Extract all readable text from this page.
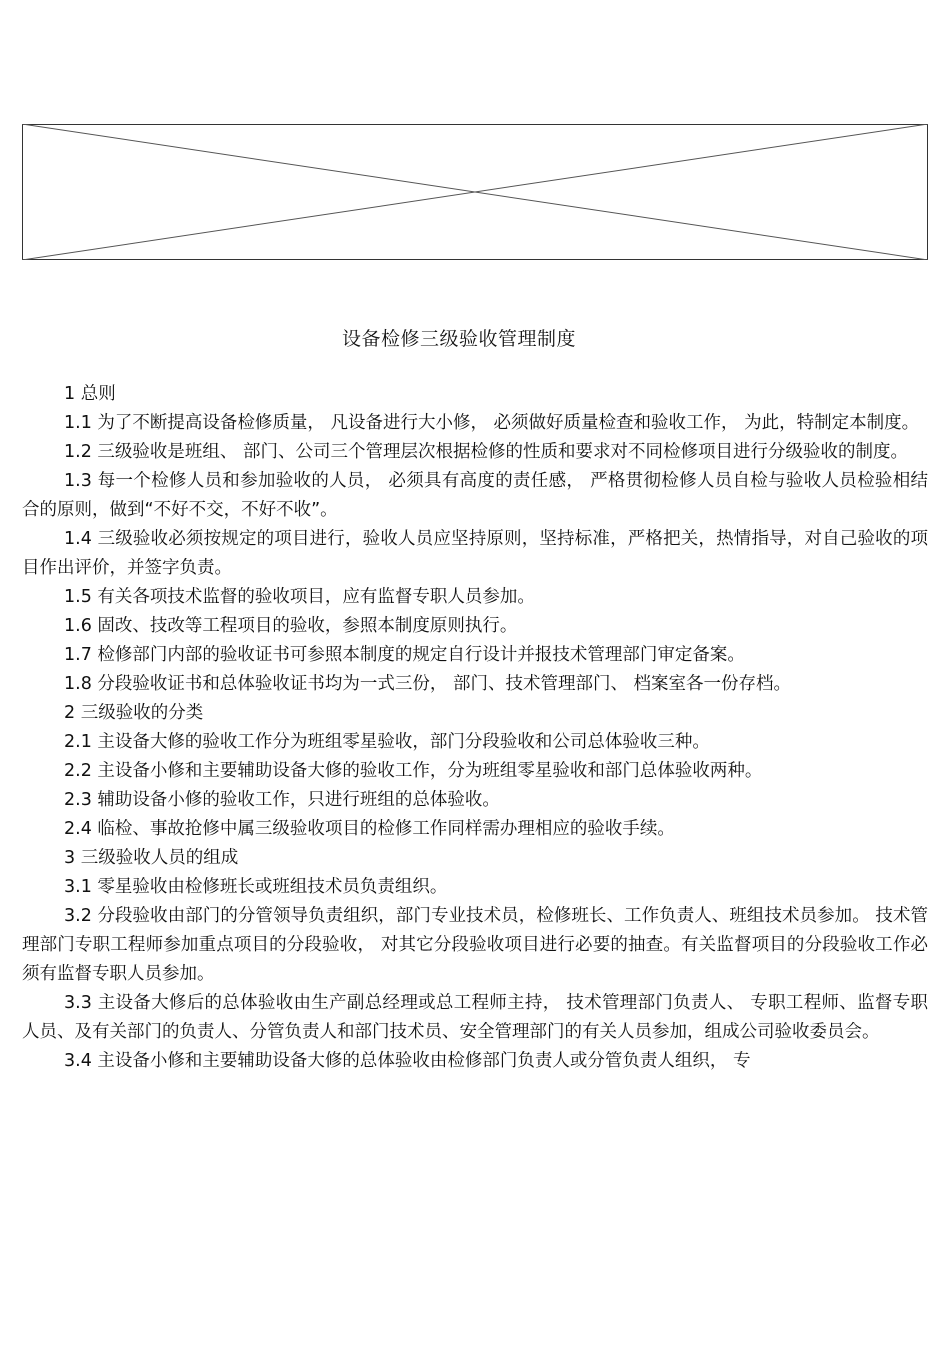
设备检修三级验收管理制度

1 总则

1.1 为了不断提高设备检修质量， 凡设备进行大小修， 必须做好质量检查和验收工作， 为此，特制定本制度。

1.2 三级验收是班组、 部门、公司三个管理层次根据检修的性质和要求对不同检修项目进行分级验收的制度。

1.3 每一个检修人员和参加验收的人员， 必须具有高度的责任感， 严格贯彻检修人员自检与验收人员检验相结合的原则，做到“不好不交，不好不收”。

1.4 三级验收必须按规定的项目进行，验收人员应坚持原则，坚持标准，严格把关，热情指导，对自己验收的项目作出评价，并签字负责。

1.5 有关各项技术监督的验收项目，应有监督专职人员参加。

1.6 固改、技改等工程项目的验收，参照本制度原则执行。

1.7 检修部门内部的验收证书可参照本制度的规定自行设计并报技术管理部门审定备案。

1.8 分段验收证书和总体验收证书均为一式三份， 部门、技术管理部门、 档案室各一份存档。

2 三级验收的分类

2.1 主设备大修的验收工作分为班组零星验收，部门分段验收和公司总体验收三种。

2.2 主设备小修和主要辅助设备大修的验收工作，分为班组零星验收和部门总体验收两种。

2.3 辅助设备小修的验收工作，只进行班组的总体验收。

2.4 临检、事故抢修中属三级验收项目的检修工作同样需办理相应的验收手续。

3 三级验收人员的组成

3.1 零星验收由检修班长或班组技术员负责组织。

3.2 分段验收由部门的分管领导负责组织，部门专业技术员，检修班长、工作负责人、班组技术员参加。 技术管理部门专职工程师参加重点项目的分段验收， 对其它分段验收项目进行必要的抽查。有关监督项目的分段验收工作必须有监督专职人员参加。

3.3 主设备大修后的总体验收由生产副总经理或总工程师主持， 技术管理部门负责人、 专职工程师、监督专职人员、及有关部门的负责人、分管负责人和部门技术员、安全管理部门的有关人员参加，组成公司验收委员会。

3.4 主设备小修和主要辅助设备大修的总体验收由检修部门负责人或分管负责人组织， 专
